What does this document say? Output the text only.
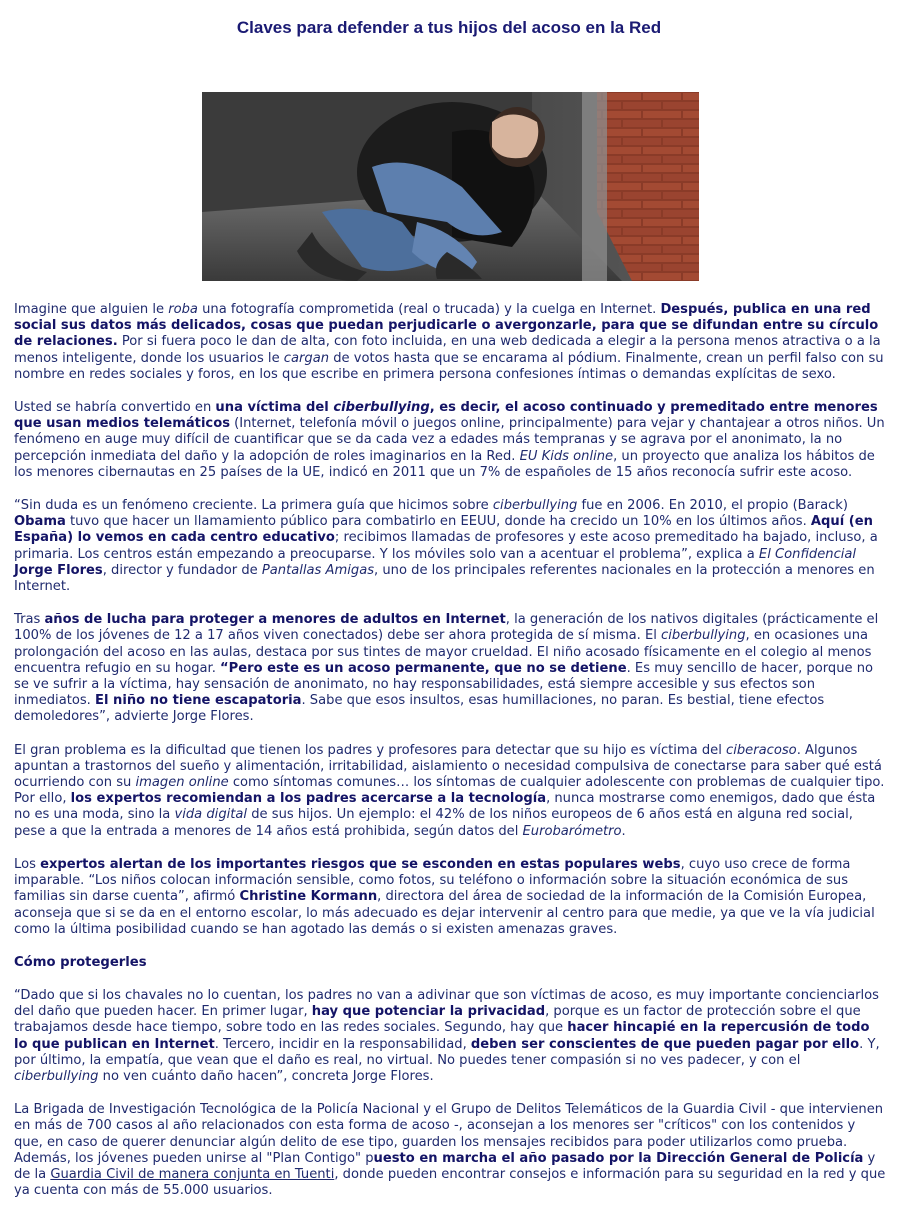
Claves para defender a tus hijos del acoso en la Red

Imagine que alguien le roba una fotografía comprometida (real o trucada) y la cuelga en Internet. Después, publica en una red social sus datos más delicados, cosas que puedan perjudicarle o avergonzarle, para que se difundan entre su círculo de relaciones. Por si fuera poco le dan de alta, con foto incluida, en una web dedicada a elegir a la persona menos atractiva o a la menos inteligente, donde los usuarios le cargan de votos hasta que se encarama al pódium. Finalmente, crean un perfil falso con su nombre en redes sociales y foros, en los que escribe en primera persona confesiones íntimas o demandas explícitas de sexo.

Usted se habría convertido en una víctima del ciberbullying, es decir, el acoso continuado y premeditado entre menores que usan medios telemáticos (Internet, telefonía móvil o juegos online, principalmente) para vejar y chantajear a otros niños. Un fenómeno en auge muy difícil de cuantificar que se da cada vez a edades más tempranas y se agrava por el anonimato, la no percepción inmediata del daño y la adopción de roles imaginarios en la Red. EU Kids online, un proyecto que analiza los hábitos de los menores cibernautas en 25 países de la UE, indicó en 2011 que un 7% de españoles de 15 años reconocía sufrir este acoso.

“Sin duda es un fenómeno creciente. La primera guía que hicimos sobre ciberbullying fue en 2006. En 2010, el propio (Barack) Obama tuvo que hacer un llamamiento público para combatirlo en EEUU, donde ha crecido un 10% en los últimos años. Aquí (en España) lo vemos en cada centro educativo; recibimos llamadas de profesores y este acoso premeditado ha bajado, incluso, a primaria. Los centros están empezando a preocuparse. Y los móviles solo van a acentuar el problema”, explica a El Confidencial
Jorge Flores, director y fundador de Pantallas Amigas, uno de los principales referentes nacionales en la protección a menores en Internet.

Tras años de lucha para proteger a menores de adultos en Internet, la generación de los nativos digitales (prácticamente el 100% de los jóvenes de 12 a 17 años viven conectados) debe ser ahora protegida de sí misma. El ciberbullying, en ocasiones una prolongación del acoso en las aulas, destaca por sus tintes de mayor crueldad. El niño acosado físicamente en el colegio al menos encuentra refugio en su hogar. “Pero este es un acoso permanente, que no se detiene. Es muy sencillo de hacer, porque no se ve sufrir a la víctima, hay sensación de anonimato, no hay responsabilidades, está siempre accesible y sus efectos son inmediatos. El niño no tiene escapatoria. Sabe que esos insultos, esas humillaciones, no paran. Es bestial, tiene efectos demoledores”, advierte Jorge Flores.

El gran problema es la dificultad que tienen los padres y profesores para detectar que su hijo es víctima del ciberacoso. Algunos apuntan a trastornos del sueño y alimentación, irritabilidad, aislamiento o necesidad compulsiva de conectarse para saber qué está ocurriendo con su imagen online como síntomas comunes… los síntomas de cualquier adolescente con problemas de cualquier tipo. Por ello, los expertos recomiendan a los padres acercarse a la tecnología, nunca mostrarse como enemigos, dado que ésta no es una moda, sino la vida digital de sus hijos. Un ejemplo: el 42% de los niños europeos de 6 años está en alguna red social, pese a que la entrada a menores de 14 años está prohibida, según datos del Eurobarómetro.

Los expertos alertan de los importantes riesgos que se esconden en estas populares webs, cuyo uso crece de forma imparable. “Los niños colocan información sensible, como fotos, su teléfono o información sobre la situación económica de sus familias sin darse cuenta”, afirmó Christine Kormann, directora del área de sociedad de la información de la Comisión Europea, aconseja que si se da en el entorno escolar, lo más adecuado es dejar intervenir al centro para que medie, ya que ve la vía judicial como la última posibilidad cuando se han agotado las demás o si existen amenazas graves.

Cómo protegerles

“Dado que si los chavales no lo cuentan, los padres no van a adivinar que son víctimas de acoso, es muy importante concienciarlos del daño que pueden hacer. En primer lugar, hay que potenciar la privacidad, porque es un factor de protección sobre el que trabajamos desde hace tiempo, sobre todo en las redes sociales. Segundo, hay que hacer hincapié en la repercusión de todo lo que publican en Internet. Tercero, incidir en la responsabilidad, deben ser conscientes de que pueden pagar por ello. Y, por último, la empatía, que vean que el daño es real, no virtual. No puedes tener compasión si no ves padecer, y con el ciberbullying no ven cuánto daño hacen”, concreta Jorge Flores.

La Brigada de Investigación Tecnológica de la Policía Nacional y el Grupo de Delitos Telemáticos de la Guardia Civil - que intervienen en más de 700 casos al año relacionados con esta forma de acoso -, aconsejan a los menores ser "críticos" con los contenidos y que, en caso de querer denunciar algún delito de ese tipo, guarden los mensajes recibidos para poder utilizarlos como prueba. Además, los jóvenes pueden unirse al "Plan Contigo" puesto en marcha el año pasado por la Dirección General de Policía y de la Guardia Civil de manera conjunta en Tuenti, donde pueden encontrar consejos e información para su seguridad en la red y que ya cuenta con más de 55.000 usuarios.
